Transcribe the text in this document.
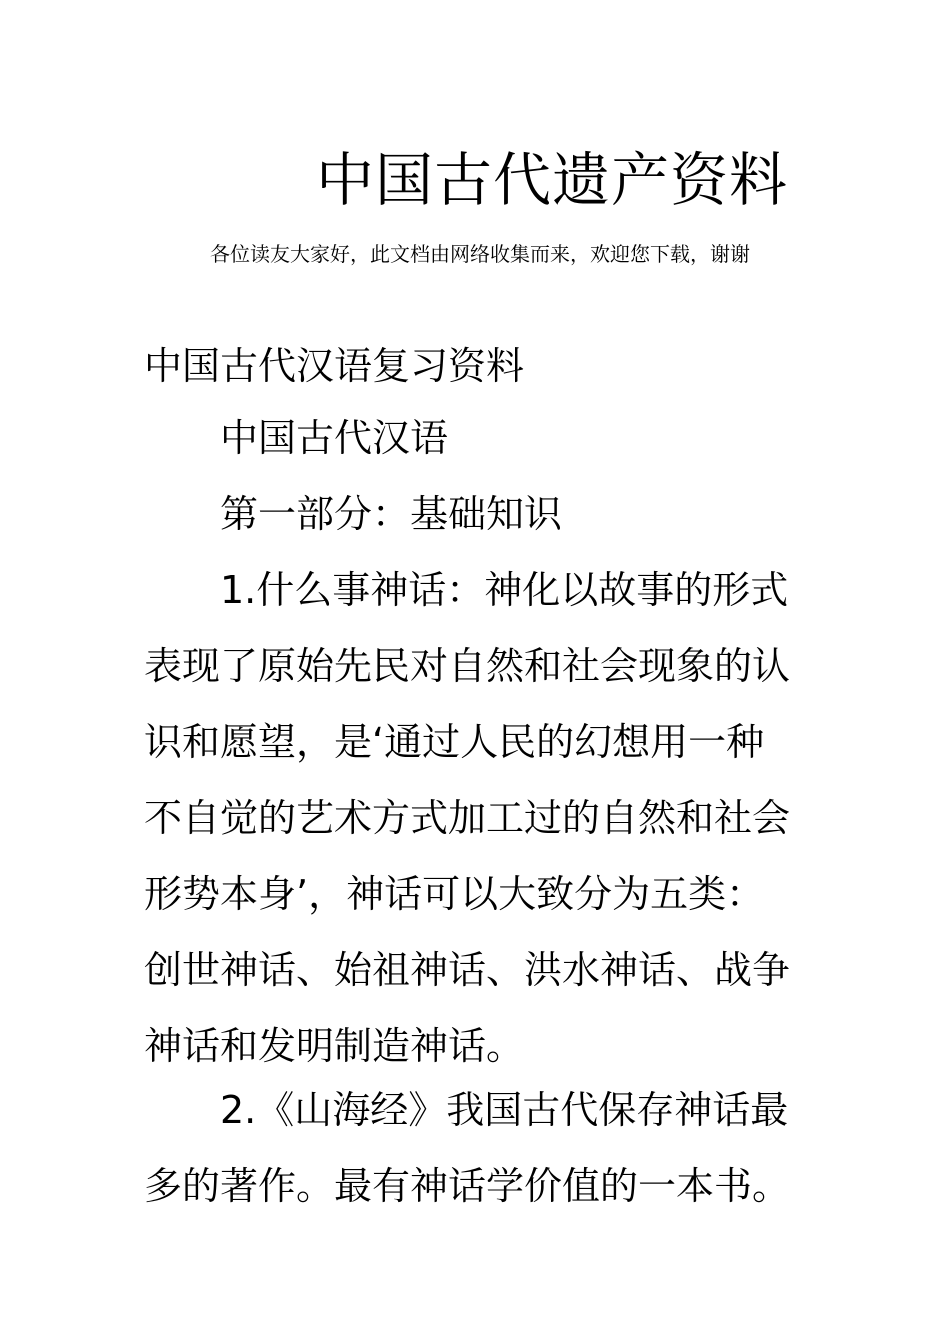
中国古代遗产资料
各位读友大家好，此文档由网络收集而来，欢迎您下载，谢谢
中国古代汉语复习资料
中国古代汉语
第一部分：基础知识
1.什么事神话：神化以故事的形式表现了原始先民对自然和社会现象的认识和愿望，是‘通过人民的幻想用一种不自觉的艺术方式加工过的自然和社会形势本身’，神话可以大致分为五类：创世神话、始祖神话、洪水神话、战争神话和发明制造神话。
2.《山海经》我国古代保存神话最多的著作。最有神话学价值的一本书。
